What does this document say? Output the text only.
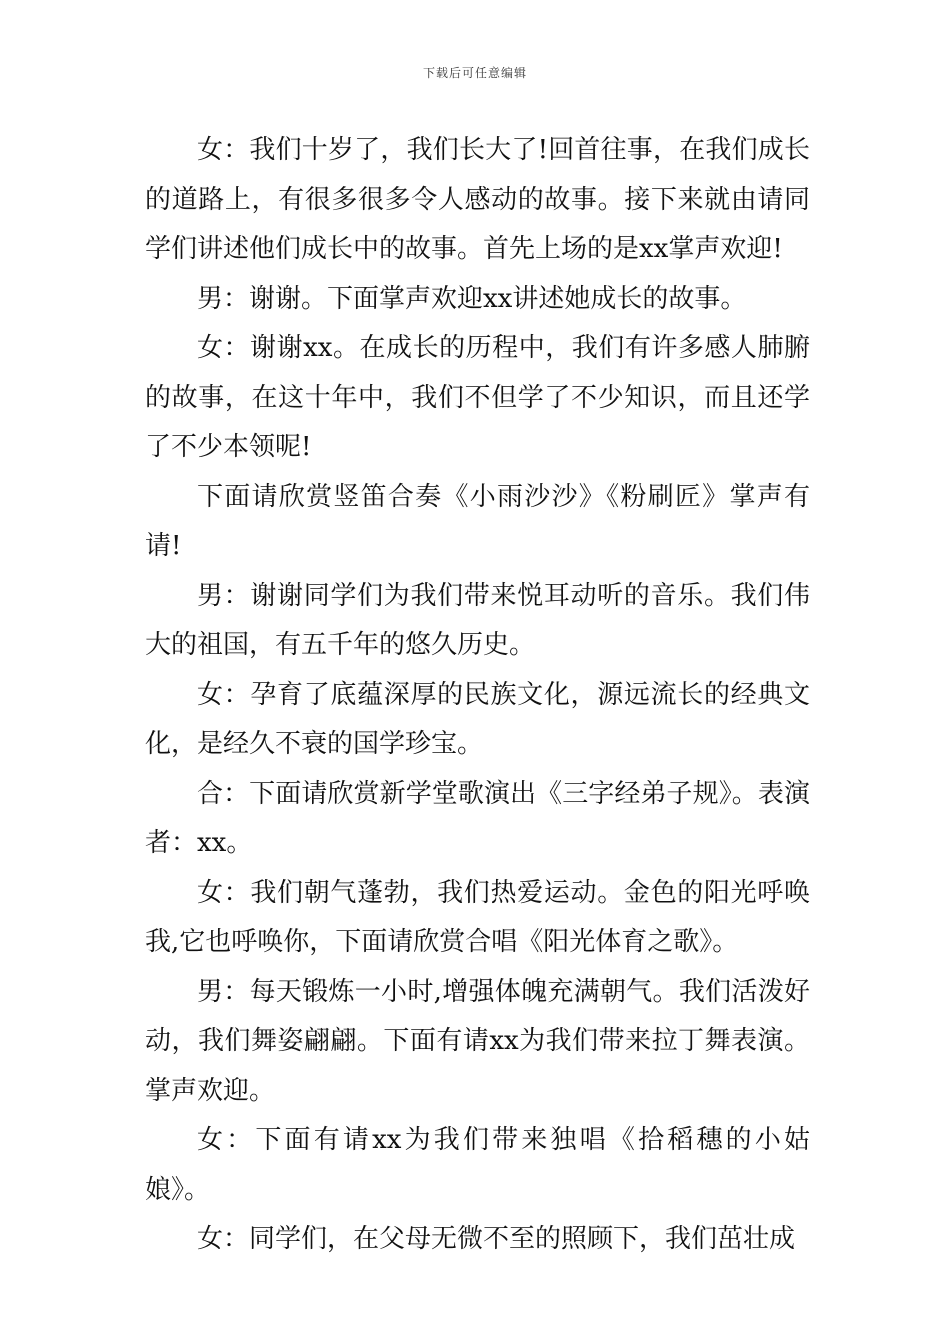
下载后可任意编辑

女：我们十岁了，我们长大了!回首往事，在我们成长的道路上，有很多很多令人感动的故事。接下来就由请同学们讲述他们成长中的故事。首先上场的是xx掌声欢迎!

男：谢谢。下面掌声欢迎xx讲述她成长的故事。

女：谢谢xx。在成长的历程中，我们有许多感人肺腑的故事，在这十年中，我们不但学了不少知识，而且还学了不少本领呢!

下面请欣赏竖笛合奏《小雨沙沙》《粉刷匠》掌声有请!

男：谢谢同学们为我们带来悦耳动听的音乐。我们伟大的祖国，有五千年的悠久历史。

女：孕育了底蕴深厚的民族文化，源远流长的经典文化，是经久不衰的国学珍宝。

合：下面请欣赏新学堂歌演出《三字经弟子规》。表演者：xx。

女：我们朝气蓬勃，我们热爱运动。金色的阳光呼唤我,它也呼唤你，下面请欣赏合唱《阳光体育之歌》。

男：每天锻炼一小时,增强体魄充满朝气。我们活泼好动，我们舞姿翩翩。下面有请xx为我们带来拉丁舞表演。掌声欢迎。

女：下面有请xx为我们带来独唱《拾稻穗的小姑娘》。

女：同学们，在父母无微不至的照顾下，我们茁壮成
